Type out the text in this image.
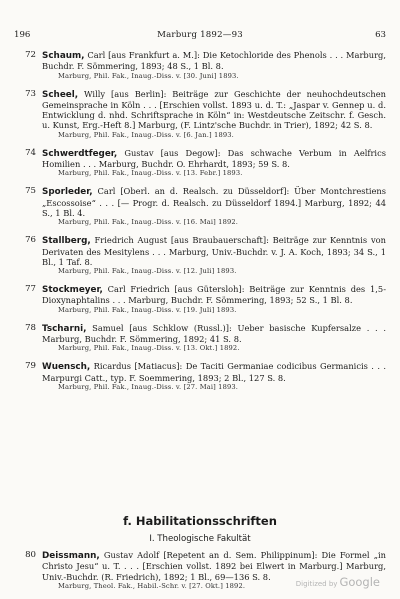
196	Marburg 1892—93	63
72 Schaum, Carl [aus Frankfurt a. M.]: Die Ketochloride des Phenols . . . Marburg, Buchdr. F. Sömmering, 1893; 48 S., 1 Bl. 8.
Marburg, Phil. Fak., Inaug.-Diss. v. [30. Juni] 1893.
73 Scheel, Willy [aus Berlin]: Beiträge zur Geschichte der neuhochdeutschen Gemeinsprache in Köln . . . [Erschien vollst. 1893 u. d. T.: „Jaspar v. Gennep u. d. Entwicklung d. nhd. Schriftsprache in Köln“ in: Westdeutsche Zeitschr. f. Gesch. u. Kunst, Erg.-Heft 8.] Marburg, (F. Lintz'sche Buchdr. in Trier), 1892; 42 S. 8.
Marburg, Phil. Fak., Inaug.-Diss. v. [6. Jan.] 1893.
74 Schwerdtfeger, Gustav [aus Degow]: Das schwache Verbum in Aelfrics Homilien . . . Marburg, Buchdr. O. Ehrhardt, 1893; 59 S. 8.
Marburg, Phil. Fak., Inaug.-Diss. v. [13. Febr.] 1893.
75 Sporleder, Carl [Oberl. an d. Realsch. zu Düsseldorf]: Über Montchrestiens „Escossoise“ . . . [— Progr. d. Realsch. zu Düsseldorf 1894.] Marburg, 1892; 44 S., 1 Bl. 4.
Marburg, Phil. Fak., Inaug.-Diss. v. [16. Mai] 1892.
76 Stallberg, Friedrich August [aus Braubauerschaft]: Beiträge zur Kenntnis von Derivaten des Mesitylens . . . Marburg, Univ.-Buchdr. v. J. A. Koch, 1893; 34 S., 1 Bl., 1 Taf. 8.
Marburg, Phil. Fak., Inaug.-Diss. v. [12. Juli] 1893.
77 Stockmeyer, Carl Friedrich [aus Gütersloh]: Beiträge zur Kenntnis des 1,5-Dioxynaphtalins . . . Marburg, Buchdr. F. Sömmering, 1893; 52 S., 1 Bl. 8.
Marburg, Phil. Fak., Inaug.-Diss. v. [19. Juli] 1893.
78 Tscharni, Samuel [aus Schklow (Russl.)]: Ueber basische Kupfersalze . . . Marburg, Buchdr. F. Sömmering, 1892; 41 S. 8.
Marburg, Phil. Fak., Inaug.-Diss. v. [13. Okt.] 1892.
79 Wuensch, Ricardus [Matiacus]: De Taciti Germaniae codicibus Germanicis . . . Marpurgi Catt., typ. F. Soemmering, 1893; 2 Bl., 127 S. 8.
Marburg, Phil. Fak., Inaug.-Diss. v. [27. Mai] 1893.
f. Habilitationsschriften
I. Theologische Fakultät
80 Deissmann, Gustav Adolf [Repetent an d. Sem. Philippinum]: Die Formel „in Christo Jesu“ u. T. . . . [Erschien vollst. 1892 bei Elwert in Marburg.] Marburg, Univ.-Buchdr. (R. Friedrich), 1892; 1 Bl., 69—136 S. 8.
Marburg, Theol. Fak., Habil.-Schr. v. [27. Okt.] 1892.	Digitized by Google
